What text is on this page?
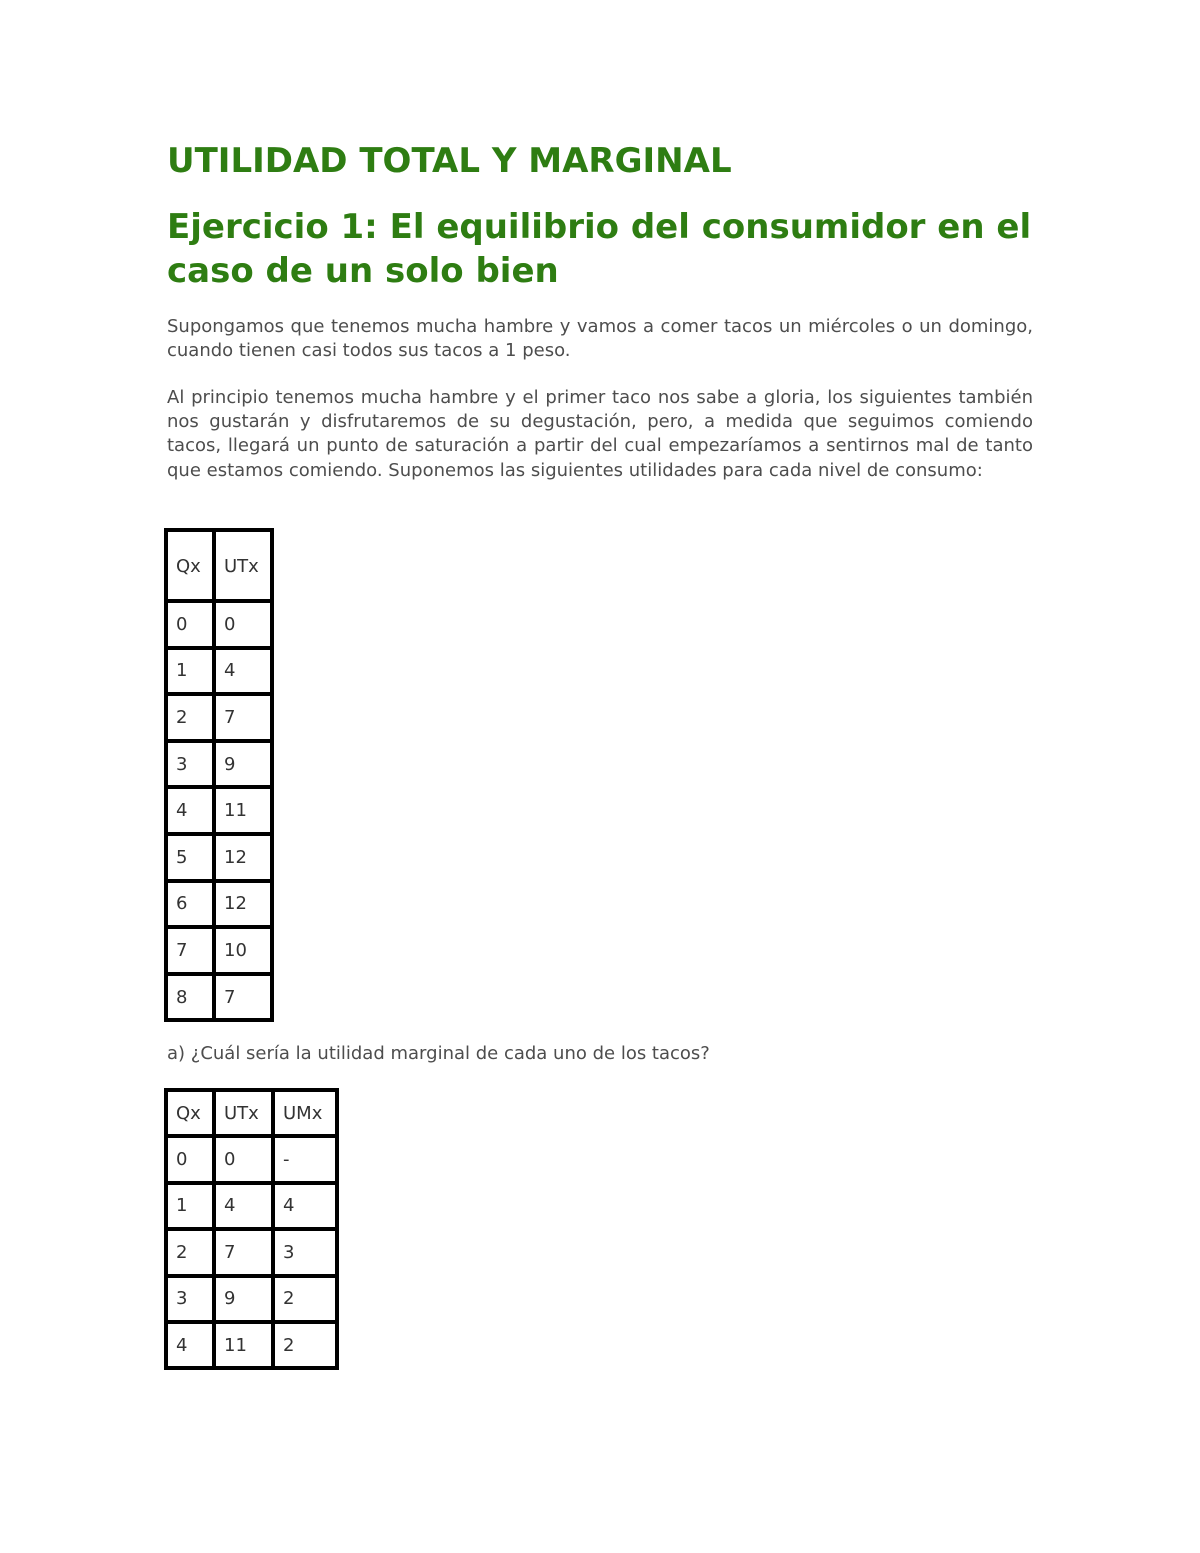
UTILIDAD TOTAL Y MARGINAL
Ejercicio 1: El equilibrio del consumidor en el caso de un solo bien

Supongamos que tenemos mucha hambre y vamos a comer tacos un miércoles o un domingo, cuando tienen casi todos sus tacos a 1 peso.

Al principio tenemos mucha hambre y el primer taco nos sabe a gloria, los siguientes también nos gustarán y disfrutaremos de su degustación, pero, a medida que seguimos comiendo tacos, llegará un punto de saturación a partir del cual empezaríamos a sentirnos mal de tanto que estamos comiendo. Suponemos las siguientes utilidades para cada nivel de consumo:

a) ¿Cuál sería la utilidad marginal de cada uno de los tacos?

Qx	UTx
0	0
1	4
2	7
3	9
4	11
5	12
6	12
7	10
8	7
Qx	UTx	UMx
0	0	-
1	4	4
2	7	3
3	9	2
4	11	2
